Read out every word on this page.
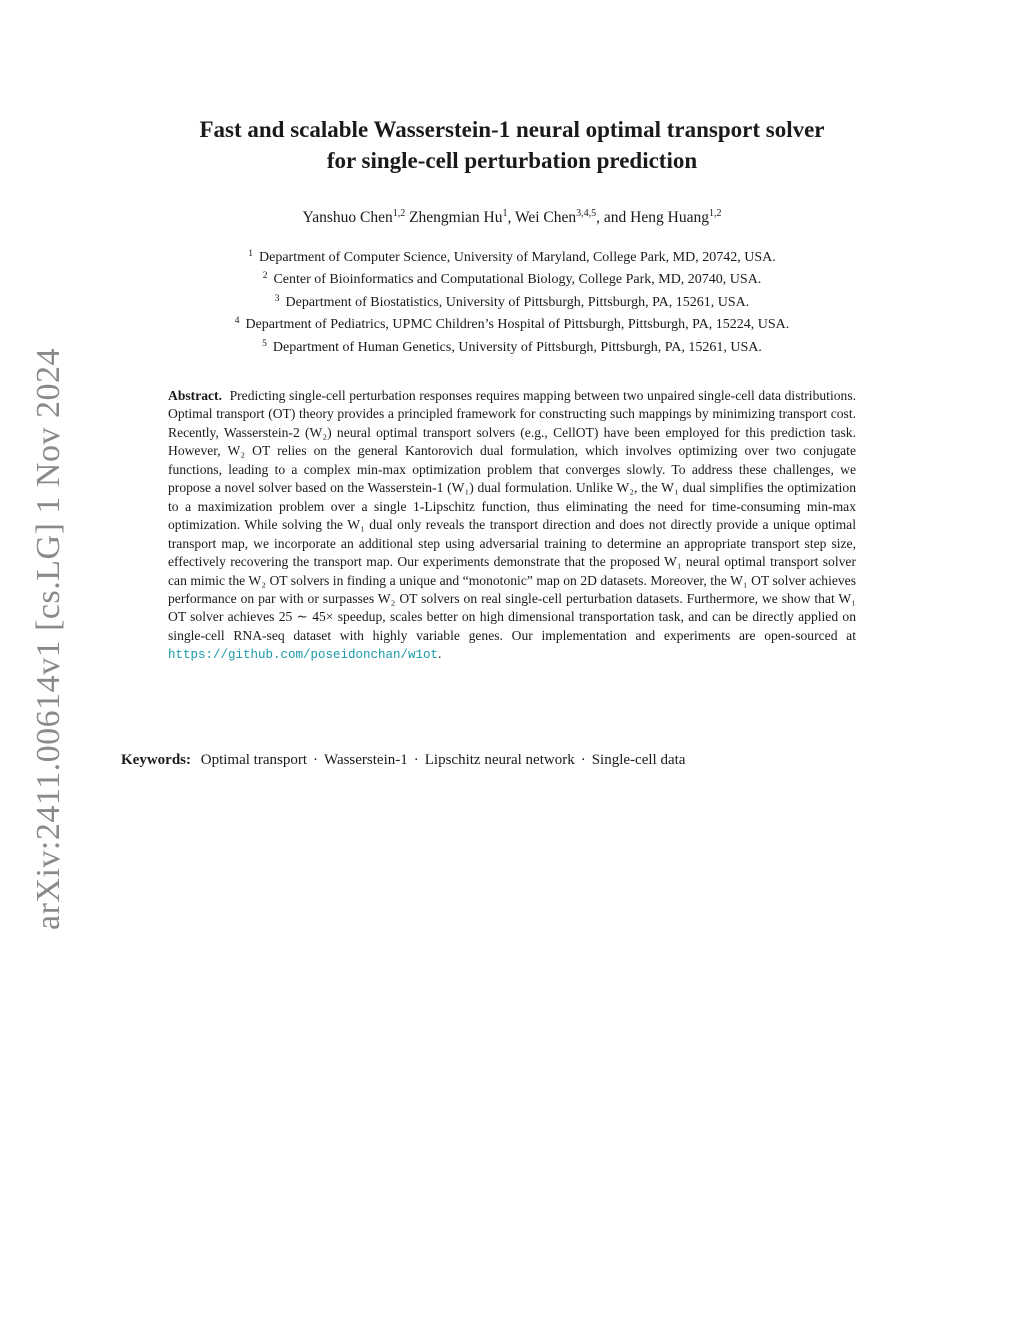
arXiv:2411.00614v1 [cs.LG] 1 Nov 2024
Fast and scalable Wasserstein-1 neural optimal transport solver
for single-cell perturbation prediction
Yanshuo Chen$^{1,2}$ Zhengmian Hu$^1$, Wei Chen$^{3,4,5}$, and Heng Huang$^{1,2}$
$^1$ Department of Computer Science, University of Maryland, College Park, MD, 20742, USA.
$^2$ Center of Bioinformatics and Computational Biology, College Park, MD, 20740, USA.
$^3$ Department of Biostatistics, University of Pittsburgh, Pittsburgh, PA, 15261, USA.
$^4$ Department of Pediatrics, UPMC Children’s Hospital of Pittsburgh, Pittsburgh, PA, 15224, USA.
$^5$ Department of Human Genetics, University of Pittsburgh, Pittsburgh, PA, 15261, USA.
Abstract. Predicting single-cell perturbation responses requires mapping between two unpaired single-cell data distributions. Optimal transport (OT) theory provides a principled framework for constructing such mappings by minimizing transport cost. Recently, Wasserstein-2 (W₂) neural optimal transport solvers (e.g., CellOT) have been employed for this prediction task. However, W₂ OT relies on the general Kantorovich dual formulation, which involves optimizing over two conjugate functions, leading to a complex min-max optimization problem that converges slowly. To address these challenges, we propose a novel solver based on the Wasserstein-1 (W₁) dual formulation. Unlike W₂, the W₁ dual simplifies the optimization to a maximization problem over a single 1-Lipschitz function, thus eliminating the need for time-consuming min-max optimization. While solving the W₁ dual only reveals the transport direction and does not directly provide a unique optimal transport map, we incorporate an additional step using adversarial training to determine an appropriate transport step size, effectively recovering the transport map. Our experiments demonstrate that the proposed W₁ neural optimal transport solver can mimic the W₂ OT solvers in finding a unique and “monotonic” map on 2D datasets. Moreover, the W₁ OT solver achieves performance on par with or surpasses W₂ OT solvers on real single-cell perturbation datasets. Furthermore, we show that W₁ OT solver achieves 25 ∼ 45× speedup, scales better on high dimensional transportation task, and can be directly applied on single-cell RNA-seq dataset with highly variable genes. Our implementation and experiments are open-sourced at https://github.com/poseidonchan/w1ot.
Keywords: Optimal transport · Wasserstein-1 · Lipschitz neural network · Single-cell data
